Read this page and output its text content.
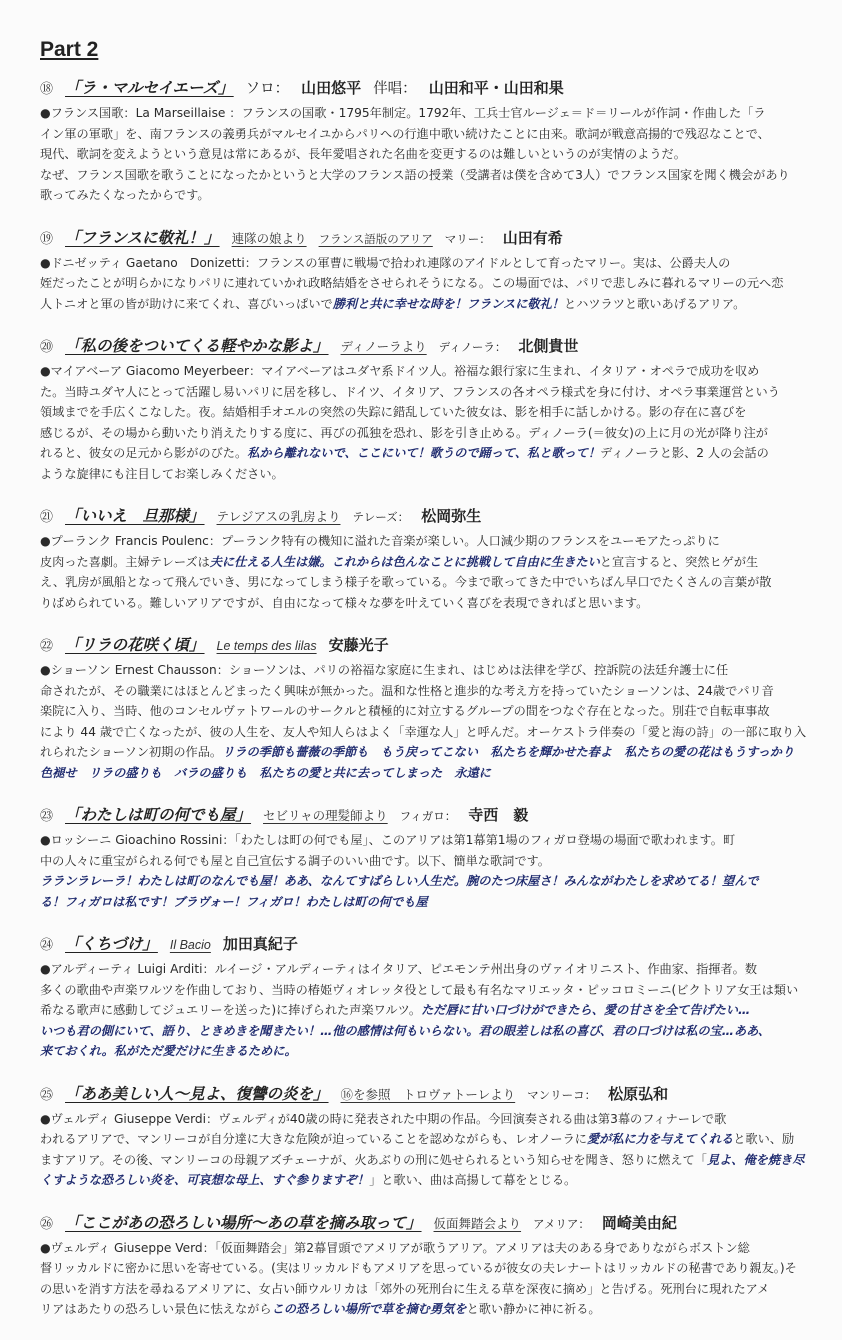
Part 2
⑱ 「ラ・マルセイエーズ」 ソロ： 山田悠平 伴唱： 山田和平・山田和果
●フランス国歌：La Marseillaise ：フランスの国歌・1795年制定。1792年、工兵士官ルージェ＝ド＝リールが作詞・作曲した「ラ
イン軍の軍歌」を、南フランスの義勇兵がマルセイユからパリへの行進中歌い続けたことに由来。歌詞が戦意高揚的で残忍なことで、
現代、歌詞を変えようという意見は常にあるが、長年愛唱された名曲を変更するのは難しいというのが実情のようだ。
なぜ、フランス国歌を歌うことになったかというと大学のフランス語の授業（受講者は僕を含めて3人）でフランス国家を聞く機会があり
歌ってみたくなったからです。
⑲ 「フランスに敬礼！」 連隊の娘より フランス語版のアリア マリー： 山田有希
●ドニゼッティ Gaetano　Donizetti：フランスの軍曹に戦場で拾われ連隊のアイドルとして育ったマリー。実は、公爵夫人の
姪だったことが明らかになりパリに連れていかれ政略結婚をさせられそうになる。この場面では、パリで悲しみに暮れるマリーの元へ恋
人トニオと軍の皆が助けに来てくれ、喜びいっぱいで勝利と共に幸せな時を！フランスに敬礼！とハツラツと歌いあげるアリア。
⑳ 「私の後をついてくる軽やかな影よ」 ディノーラより ディノーラ： 北側貴世
●マイアベーア Giacomo Meyerbeer：マイアベーアはユダヤ系ドイツ人。裕福な銀行家に生まれ、イタリア・オペラで成功を収め
た。当時ユダヤ人にとって活躍し易いパリに居を移し、ドイツ、イタリア、フランスの各オペラ様式を身に付け、オペラ事業運営という
領域までを手広くこなした。夜。結婚相手オエルの突然の失踪に錯乱していた彼女は、影を相手に話しかける。影の存在に喜びを
感じるが、その場から動いたり消えたりする度に、再びの孤独を恐れ、影を引き止める。ディノーラ(＝彼女)の上に月の光が降り注が
れると、彼女の足元から影がのびた。私から離れないで、ここにいて！歌うので踊って、私と歌って！ディノーラと影、2 人の会話の
ような旋律にも注目してお楽しみください。
㉑ 「いいえ　旦那様」 テレジアスの乳房より テレーズ： 松岡弥生
●プーランク Francis Poulenc：プーランク特有の機知に溢れた音楽が楽しい。人口減少期のフランスをユーモアたっぷりに
皮肉った喜劇。主婦テレーズは夫に仕える人生は嫌。これからは色んなことに挑戦して自由に生きたいと宣言すると、突然ヒゲが生
え、乳房が風船となって飛んでいき、男になってしまう様子を歌っている。今まで歌ってきた中でいちばん早口でたくさんの言葉が散
りばめられている。難しいアリアですが、自由になって様々な夢を叶えていく喜びを表現できればと思います。
㉒ 「リラの花咲く頃」 Le temps des lilas 安藤光子
●ショーソン Ernest Chausson：ショーソンは、パリの裕福な家庭に生まれ、はじめは法律を学び、控訴院の法廷弁護士に任
命されたが、その職業にはほとんどまったく興味が無かった。温和な性格と進歩的な考え方を持っていたショーソンは、24歳でパリ音
楽院に入り、当時、他のコンセルヴァトワールのサークルと積極的に対立するグループの間をつなぐ存在となった。別荘で自転車事故
により 44 歳で亡くなったが、彼の人生を、友人や知人らはよく「幸運な人」と呼んだ。オーケストラ伴奏の「愛と海の詩」の一部に取り入
れられたショーソン初期の作品。リラの季節も薔薇の季節も　もう戻ってこない　私たちを輝かせた春よ　私たちの愛の花はもうすっかり
色褪せ　リラの盛りも　バラの盛りも　私たちの愛と共に去ってしまった　永遠に
㉓ 「わたしは町の何でも屋」 セビリャの理髪師より フィガロ： 寺西　毅
●ロッシーニ Gioachino Rossini：「わたしは町の何でも屋」、このアリアは第1幕第1場のフィガロ登場の場面で歌われます。町
中の人々に重宝がられる何でも屋と自己宣伝する調子のいい曲です。以下、簡単な歌詞です。
ラランラレーラ！わたしは町のなんでも屋！ああ、なんてすばらしい人生だ。腕のたつ床屋さ！みんながわたしを求めてる！望んで
る！フィガロは私です！ブラヴォー！フィガロ！わたしは町の何でも屋
㉔ 「くちづけ」 Il Bacio 加田真紀子
●アルディーティ Luigi Arditi：ルイージ・アルディーティはイタリア、ピエモンテ州出身のヴァイオリニスト、作曲家、指揮者。数
多くの歌曲や声楽ワルツを作曲しており、当時の椿姫ヴィオレッタ役として最も有名なマリエッタ・ピッコロミーニ(ビクトリア女王は類い
希なる歌声に感動してジュエリーを送った)に捧げられた声楽ワルツ。ただ唇に甘い口づけができたら、愛の甘さを全て告げたい…
いつも君の側にいて、語り、ときめきを聞きたい！…他の感情は何もいらない。君の眼差しは私の喜び、君の口づけは私の宝…ああ、
来ておくれ。私がただ愛だけに生きるために。
㉕ 「ああ美しい人～見よ、復讐の炎を」 ⑯を参照　トロヴァトーレより マンリーコ： 松原弘和
●ヴェルディ Giuseppe Verdi：ヴェルディが40歳の時に発表された中期の作品。今回演奏される曲は第3幕のフィナーレで歌
われるアリアで、マンリーコが自分達に大きな危険が迫っていることを認めながらも、レオノーラに愛が私に力を与えてくれると歌い、励
ますアリア。その後、マンリーコの母親アズチェーナが、火あぶりの刑に処せられるという知らせを聞き、怒りに燃えて「見よ、俺を焼き尽
くすような恐ろしい炎を、可哀想な母上、すぐ参りますぞ！」と歌い、曲は高揚して幕をとじる。
㉖ 「ここがあの恐ろしい場所～あの草を摘み取って」 仮面舞踏会より アメリア： 岡崎美由紀
●ヴェルディ Giuseppe Verd：「仮面舞踏会」第2幕冒頭でアメリアが歌うアリア。アメリアは夫のある身でありながらボストン総
督リッカルドに密かに思いを寄せている。(実はリッカルドもアメリアを思っているが彼女の夫レナートはリッカルドの秘書であり親友。)そ
の思いを消す方法を尋ねるアメリアに、女占い師ウルリカは「郊外の死刑台に生える草を深夜に摘め」と告げる。死刑台に現れたアメ
リアはあたりの恐ろしい景色に怯えながらこの恐ろしい場所で草を摘む勇気をと歌い静かに神に祈る。
